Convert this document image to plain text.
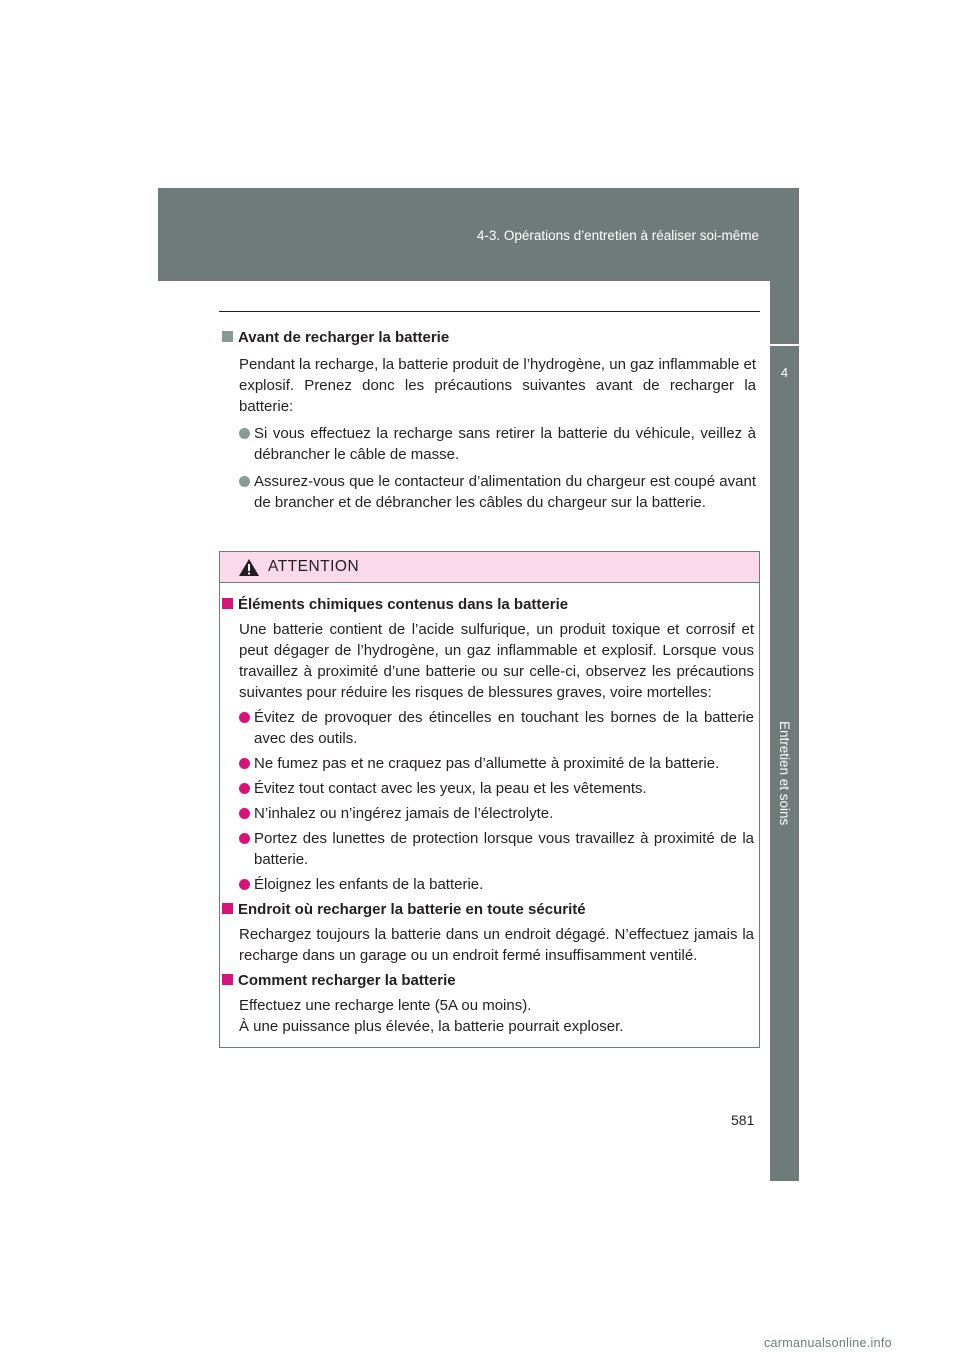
4-3. Opérations d’entretien à réaliser soi-même
4
Entretien et soins
Avant de recharger la batterie
Pendant la recharge, la batterie produit de l’hydrogène, un gaz inflammable et explosif. Prenez donc les précautions suivantes avant de recharger la batterie:
Si vous effectuez la recharge sans retirer la batterie du véhicule, veillez à débrancher le câble de masse.
Assurez-vous que le contacteur d’alimentation du chargeur est coupé avant de brancher et de débrancher les câbles du chargeur sur la batterie.
ATTENTION
Éléments chimiques contenus dans la batterie
Une batterie contient de l’acide sulfurique, un produit toxique et corrosif et peut dégager de l’hydrogène, un gaz inflammable et explosif. Lorsque vous travaillez à proximité d’une batterie ou sur celle-ci, observez les précautions suivantes pour réduire les risques de blessures graves, voire mortelles:
Évitez de provoquer des étincelles en touchant les bornes de la batterie avec des outils.
Ne fumez pas et ne craquez pas d’allumette à proximité de la batterie.
Évitez tout contact avec les yeux, la peau et les vêtements.
N’inhalez ou n’ingérez jamais de l’électrolyte.
Portez des lunettes de protection lorsque vous travaillez à proximité de la batterie.
Éloignez les enfants de la batterie.
Endroit où recharger la batterie en toute sécurité
Rechargez toujours la batterie dans un endroit dégagé. N’effectuez jamais la recharge dans un garage ou un endroit fermé insuffisamment ventilé.
Comment recharger la batterie
Effectuez une recharge lente (5A ou moins).
À une puissance plus élevée, la batterie pourrait exploser.
581
carmanualsonline.info
